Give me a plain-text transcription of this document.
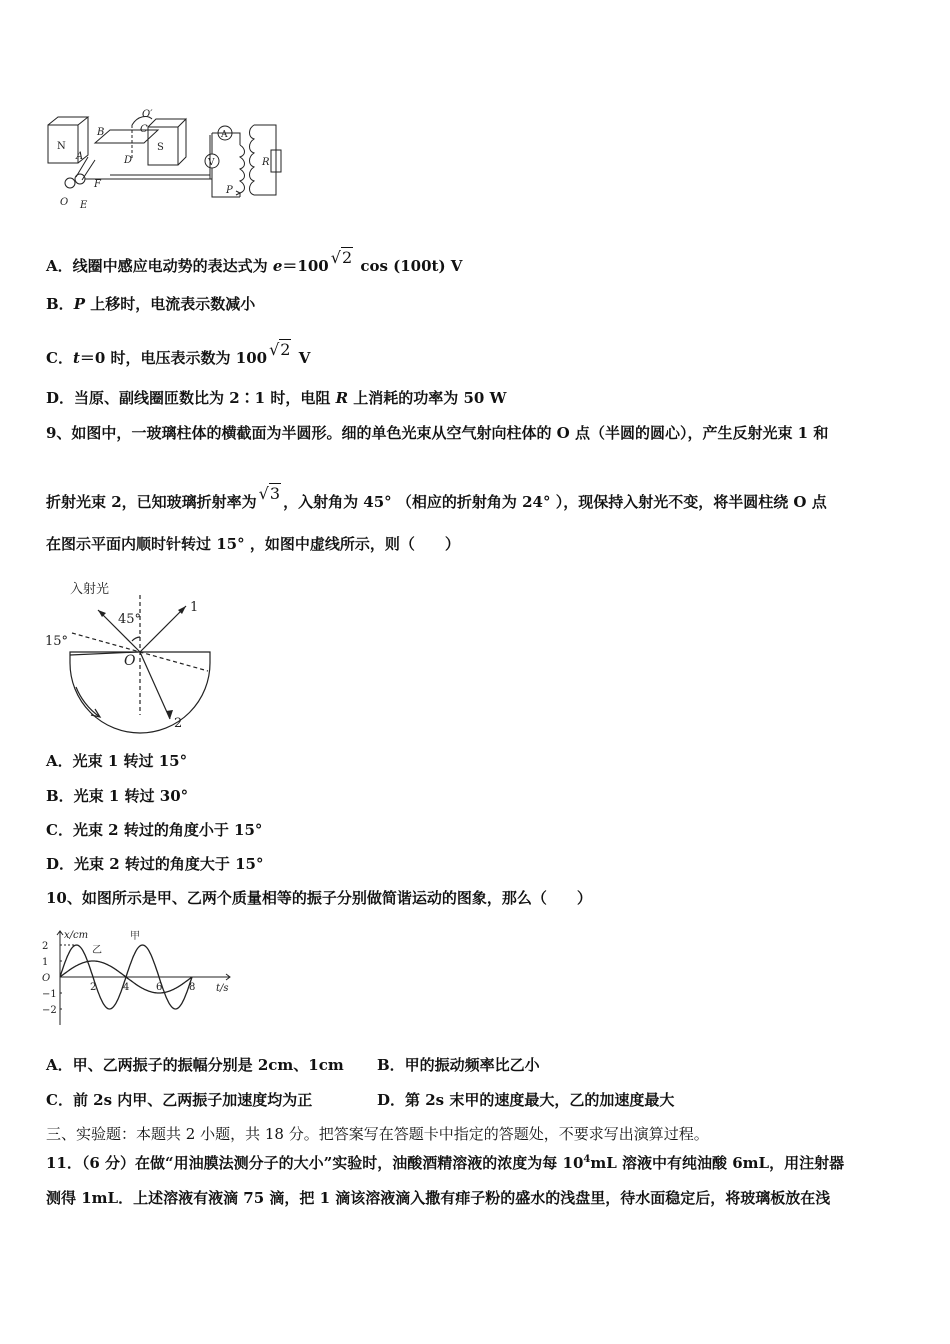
N	S
B	C
O′
D
A
F
O E
A
V	R
P
A．线圈中感应电动势的表达式为 e＝100 √2 cos (100t) V
B．P 上移时，电流表示数减小
C．t＝0 时，电压表示数为 100 √2 V
D．当原、副线圈匝数比为 2∶1 时，电阻 R 上消耗的功率为 50 W
9、如图中，一玻璃柱体的横截面为半圆形。细的单色光束从空气射向柱体的 O 点（半圆的圆心），产生反射光束 1 和
折射光束 2，已知玻璃折射率为 √3 ，入射角为 45° （相应的折射角为 24° ），现保持入射光不变，将半圆柱绕 O 点
在图示平面内顺时针转过 15° ，如图中虚线所示，则（　　）
入射光
45°
15°
O
1
2
A．光束 1 转过 15°
B．光束 1 转过 30°
C．光束 2 转过的角度小于 15°
D．光束 2 转过的角度大于 15°
10、如图所示是甲、乙两个质量相等的振子分别做简谐运动的图象，那么（　　）
2
1
O
−1
−2
2	4	6	8
x/cm
t/s
甲
乙
A．甲、乙两振子的振幅分别是 2cm、1cm B．甲的振动频率比乙小
C．前 2s 内甲、乙两振子加速度均为正	D．第 2s 末甲的速度最大，乙的加速度最大
三、实验题：本题共 2 小题，共 18 分。把答案写在答题卡中指定的答题处，不要求写出演算过程。
11．（6 分）在做“用油膜法测分子的大小”实验时，油酸酒精溶液的浓度为每 $10^4mL$ 溶液中有纯油酸 6mL，用注射器
测得 1mL．上述溶液有液滴 75 滴，把 1 滴该溶液滴入撒有痱子粉的盛水的浅盘里，待水面稳定后，将玻璃板放在浅
